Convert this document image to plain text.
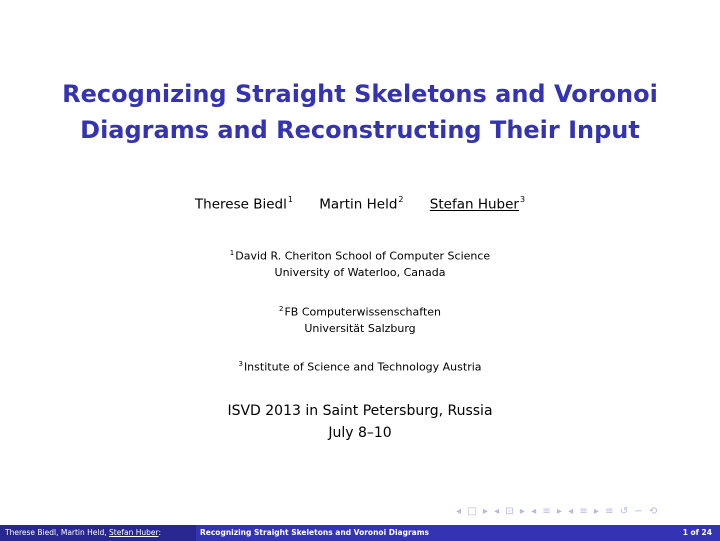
Recognizing Straight Skeletons and Voronoi
Diagrams and Reconstructing Their Input
Therese Biedl$^1$ Martin Held$^2$ Stefan Huber$^3$
$^1$David R. Cheriton School of Computer Science
University of Waterloo, Canada
$^2$FB Computerwissenschaften
Universität Salzburg
$^3$Institute of Science and Technology Austria
ISVD 2013 in Saint Petersburg, Russia
July 8–10
◂ □ ▸ ◂ ⊡ ▸ ◂ ≡ ▸ ◂ ≡ ▸ ≡ ↺ ∽ ⟲
Therese Biedl, Martin Held, Stefan Huber:	Recognizing Straight Skeletons and Voronoi Diagrams	1 of 24
